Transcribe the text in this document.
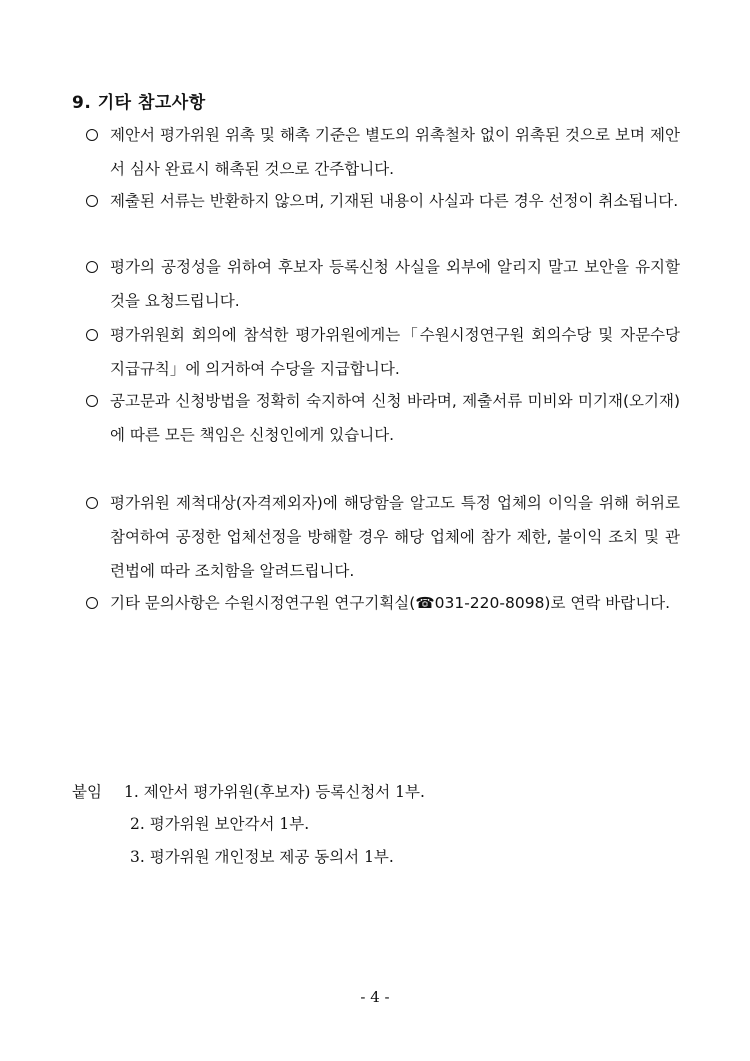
9. 기타 참고사항
제안서 평가위원 위촉 및 해촉 기준은 별도의 위촉철차 없이 위촉된 것으로 보며 제안서 심사 완료시 해촉된 것으로 간주합니다.
제출된 서류는 반환하지 않으며, 기재된 내용이 사실과 다른 경우 선정이 취소됩니다.
평가의 공정성을 위하여 후보자 등록신청 사실을 외부에 알리지 말고 보안을 유지할 것을 요청드립니다.
평가위원회 회의에 참석한 평가위원에게는「수원시정연구원 회의수당 및 자문수당 지급규칙」에 의거하여 수당을 지급합니다.
공고문과 신청방법을 정확히 숙지하여 신청 바라며, 제출서류 미비와 미기재(오기재)에 따른 모든 책임은 신청인에게 있습니다.
평가위원 제척대상(자격제외자)에 해당함을 알고도 특정 업체의 이익을 위해 허위로 참여하여 공정한 업체선정을 방해할 경우 해당 업체에 참가 제한, 불이익 조치 및 관련법에 따라 조치함을 알려드립니다.
기타 문의사항은 수원시정연구원 연구기획실(☎031-220-8098)로 연락 바랍니다.
붙임 1. 제안서 평가위원(후보자) 등록신청서 1부.
2. 평가위원 보안각서 1부.
3. 평가위원 개인정보 제공 동의서 1부.
- 4 -
